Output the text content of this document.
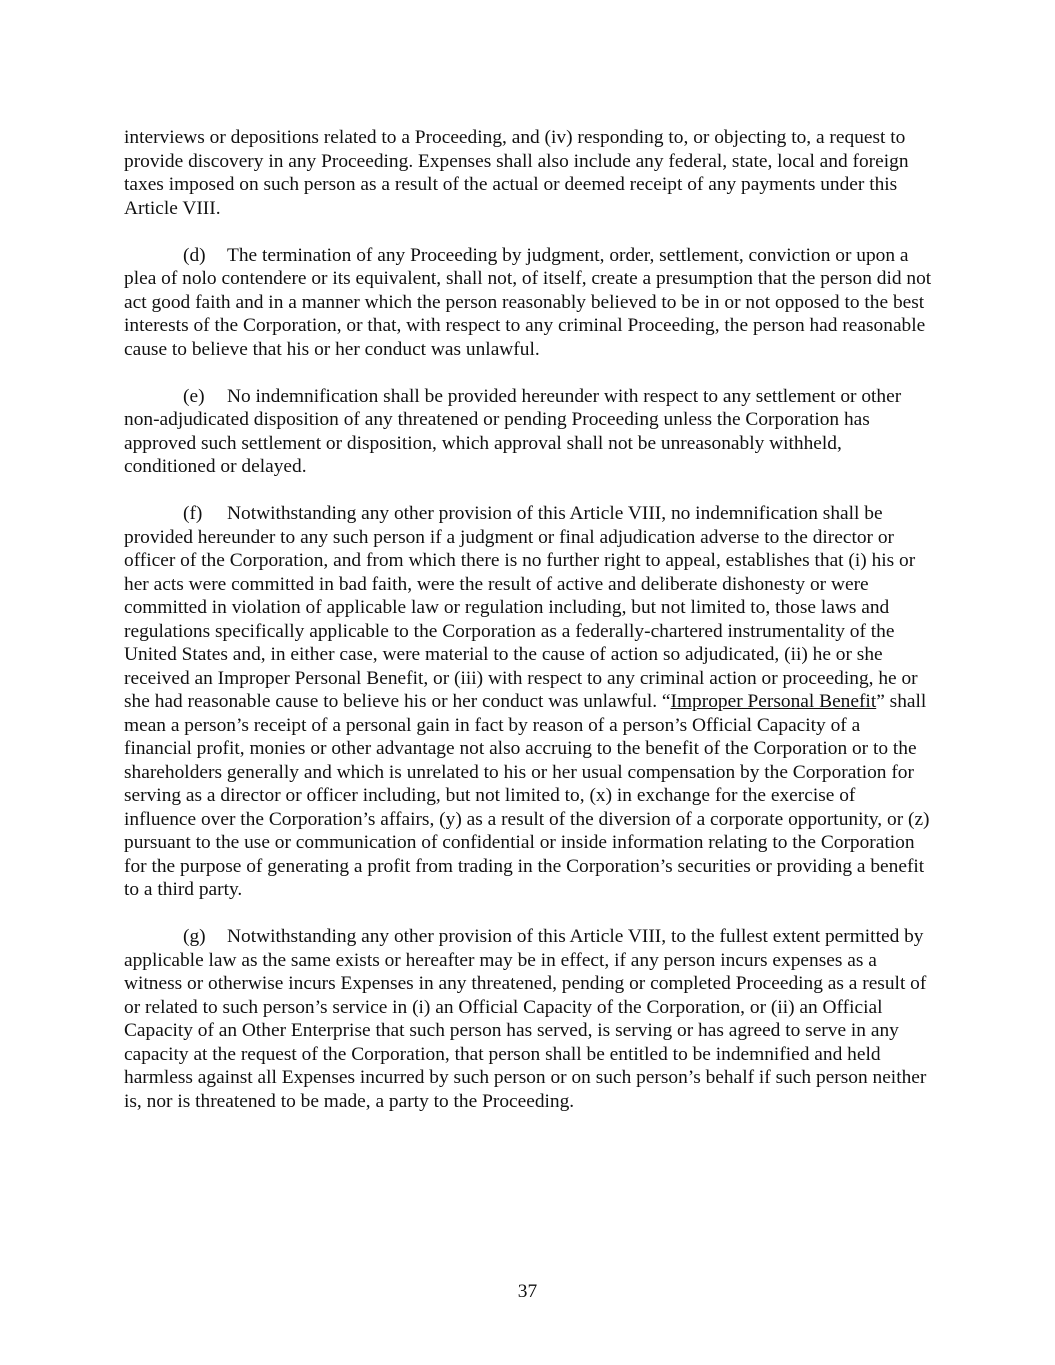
interviews or depositions related to a Proceeding, and (iv) responding to, or objecting to, a request to provide discovery in any Proceeding. Expenses shall also include any federal, state, local and foreign taxes imposed on such person as a result of the actual or deemed receipt of any payments under this Article VIII.

(d) The termination of any Proceeding by judgment, order, settlement, conviction or upon a plea of nolo contendere or its equivalent, shall not, of itself, create a presumption that the person did not act good faith and in a manner which the person reasonably believed to be in or not opposed to the best interests of the Corporation, or that, with respect to any criminal Proceeding, the person had reasonable cause to believe that his or her conduct was unlawful.

(e) No indemnification shall be provided hereunder with respect to any settlement or other non-adjudicated disposition of any threatened or pending Proceeding unless the Corporation has approved such settlement or disposition, which approval shall not be unreasonably withheld, conditioned or delayed.

(f) Notwithstanding any other provision of this Article VIII, no indemnification shall be provided hereunder to any such person if a judgment or final adjudication adverse to the director or officer of the Corporation, and from which there is no further right to appeal, establishes that (i) his or her acts were committed in bad faith, were the result of active and deliberate dishonesty or were committed in violation of applicable law or regulation including, but not limited to, those laws and regulations specifically applicable to the Corporation as a federally-chartered instrumentality of the United States and, in either case, were material to the cause of action so adjudicated, (ii) he or she received an Improper Personal Benefit, or (iii) with respect to any criminal action or proceeding, he or she had reasonable cause to believe his or her conduct was unlawful. “Improper Personal Benefit” shall mean a person’s receipt of a personal gain in fact by reason of a person’s Official Capacity of a financial profit, monies or other advantage not also accruing to the benefit of the Corporation or to the shareholders generally and which is unrelated to his or her usual compensation by the Corporation for serving as a director or officer including, but not limited to, (x) in exchange for the exercise of influence over the Corporation’s affairs, (y) as a result of the diversion of a corporate opportunity, or (z) pursuant to the use or communication of confidential or inside information relating to the Corporation for the purpose of generating a profit from trading in the Corporation’s securities or providing a benefit to a third party.

(g) Notwithstanding any other provision of this Article VIII, to the fullest extent permitted by applicable law as the same exists or hereafter may be in effect, if any person incurs expenses as a witness or otherwise incurs Expenses in any threatened, pending or completed Proceeding as a result of or related to such person’s service in (i) an Official Capacity of the Corporation, or (ii) an Official Capacity of an Other Enterprise that such person has served, is serving or has agreed to serve in any capacity at the request of the Corporation, that person shall be entitled to be indemnified and held harmless against all Expenses incurred by such person or on such person’s behalf if such person neither is, nor is threatened to be made, a party to the Proceeding.

37
